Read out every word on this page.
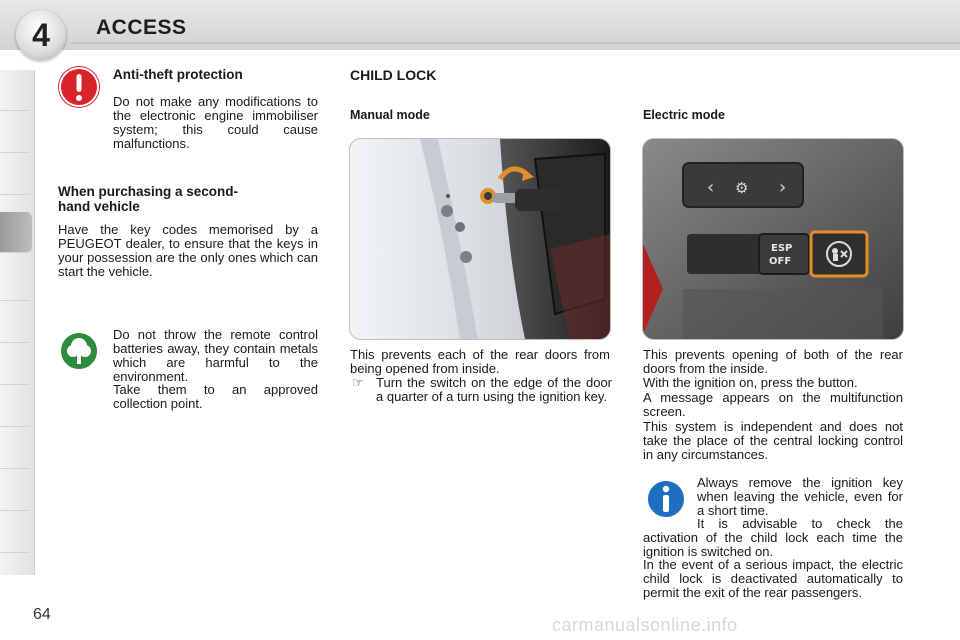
4 ACCESS
Anti-theft protection
Do not make any modifications to the electronic engine immobiliser system; this could cause malfunctions.
When purchasing a second-
hand vehicle
Have the key codes memorised by a PEUGEOT dealer, to ensure that the keys in your possession are the only ones which can start the vehicle.
Do not throw the remote control batteries away, they contain metals which are harmful to the environment.
Take them to an approved collection point.
CHILD LOCK
Manual mode
This prevents each of the rear doors from being opened from inside.
☞ Turn the switch on the edge of the door a quarter of a turn using the ignition key.
Electric mode
‹ ⚙ ›
ESP
OFF
This prevents opening of both of the rear doors from the inside.
With the ignition on, press the button.
A message appears on the multifunction screen.
This system is independent and does not take the place of the central locking control in any circumstances.
Always remove the ignition key when leaving the vehicle, even for a short time.
It is advisable to check the activation of the child lock each time the ignition is switched on.
In the event of a serious impact, the electric child lock is deactivated automatically to permit the exit of the rear passengers.
64
carmanualsonline.info
